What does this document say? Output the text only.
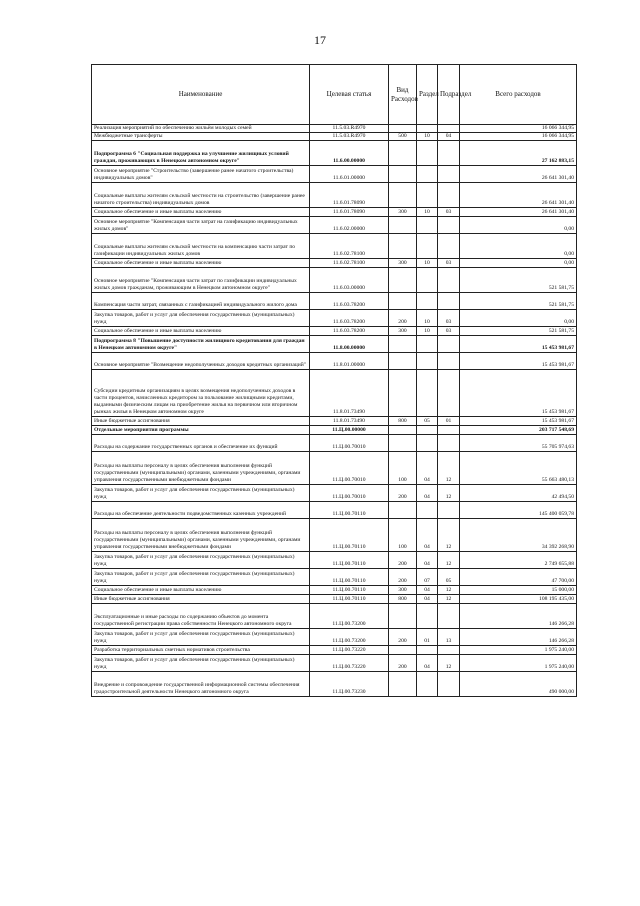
17
Наименование	Целевая статья	Вид Расходов	Раздел	Подраздел	Всего расходов
Реализация мероприятий по обеспечению жильём молодых семей	11.5.03.R4970				16 066 344,95
Межбюджетные трансферты	11.5.03.R4970	500	10	04	16 066 344,95
Подпрограмма 6 "Социальная поддержка на улучшение жилищных условий граждан, проживающих в Ненецком автономном округе"	11.6.00.00000				27 162 883,15
Основное мероприятие "Строительство (завершение ранее начатого строительства) индивидуальных домов"	11.6.01.00000				26 641 301,40
Социальные выплаты жителям сельской местности на строительство (завершение ранее начатого строительства) индивидуальных домов	11.6.01.78090				26 641 301,40
Социальное обеспечение и иные выплаты населению	11.6.01.78090	300	10	03	26 641 301,40
Основное мероприятие "Компенсация части затрат на газификацию индивидуальных жилых домов"	11.6.02.00000				0,00
Социальные выплаты жителям сельской местности на компенсацию части затрат по газификации индивидуальных жилых домов	11.6.02.78100				0,00
Социальное обеспечение и иные выплаты населению	11.6.02.78100	300	10	03	0,00
Основное мероприятие "Компенсация части затрат по газификации индивидуальных жилых домов гражданам, проживающим в Ненецком автономном округе"	11.6.03.00000				521 581,75
Компенсация части затрат, связанных с газификацией индивидуального жилого дома	11.6.03.78200				521 581,75
Закупка товаров, работ и услуг для обеспечения государственных (муниципальных) нужд	11.6.03.78200	200	10	03	0,00
Социальное обеспечение и иные выплаты населению	11.6.03.78200	300	10	03	521 581,75
Подпрограмма 8 "Повышение доступности жилищного кредитования для граждан в Ненецком автономном округе"	11.8.00.00000				15 453 981,67
Основное мероприятие "Возмещение недополученных доходов кредитных организаций"	11.8.01.00000				15 453 981,67
Субсидии кредитным организациям в целях возмещения недополученных доходов в части процентов, начисленных кредитором за пользование жилищными кредитами, выданными физическим лицам на приобретение жилья на первичном или вторичном рынках жилья в Ненецком автономном округе	11.8.01.73490				15 453 981,67
Иные бюджетные ассигнования	11.8.01.73490	800	05	01	15 453 981,67
Отдельные мероприятия программы	11.Ц.00.00000				203 717 548,69
Расходы на содержание государственных органов и обеспечение их функций	11.Ц.00.70010				55 705 974,63
Расходы на выплаты персоналу в целях обеспечения выполнения функций государственными (муниципальными) органами, казенными учреждениями, органами управления государственными внебюджетными фондами	11.Ц.00.70010	100	04	12	55 663 480,13
Закупка товаров, работ и услуг для обеспечения государственных (муниципальных) нужд	11.Ц.00.70010	200	04	12	42 494,50
Расходы на обеспечение деятельности подведомственных казенных учреждений	11.Ц.00.70110				145 400 059,78
Расходы на выплаты персоналу в целях обеспечения выполнения функций государственными (муниципальными) органами, казенными учреждениями, органами управления государственными внебюджетными фондами	11.Ц.00.70110	100	04	12	34 392 268,90
Закупка товаров, работ и услуг для обеспечения государственных (муниципальных) нужд	11.Ц.00.70110	200	04	12	2 749 655,88
Закупка товаров, работ и услуг для обеспечения государственных (муниципальных) нужд	11.Ц.00.70110	200	07	05	47 700,00
Социальное обеспечение и иные выплаты населению	11.Ц.00.70110	300	04	12	15 000,00
Иные бюджетные ассигнования	11.Ц.00.70110	800	04	12	108 195 435,00
Эксплуатационные и иные расходы по содержанию объектов до момента государственной регистрации права собственности Ненецкого автономного округа	11.Ц.00.73200				146 266,28
Закупка товаров, работ и услуг для обеспечения государственных (муниципальных) нужд	11.Ц.00.73200	200	01	13	146 266,28
Разработка территориальных сметных нормативов строительства	11.Ц.00.73220				1 975 240,00
Закупка товаров, работ и услуг для обеспечения государственных (муниципальных) нужд	11.Ц.00.73220	200	04	12	1 975 240,00
Внедрение и сопровождение государственной информационной системы обеспечения градостроительной деятельности Ненецкого автономного округа	11.Ц.00.73230				490 000,00
